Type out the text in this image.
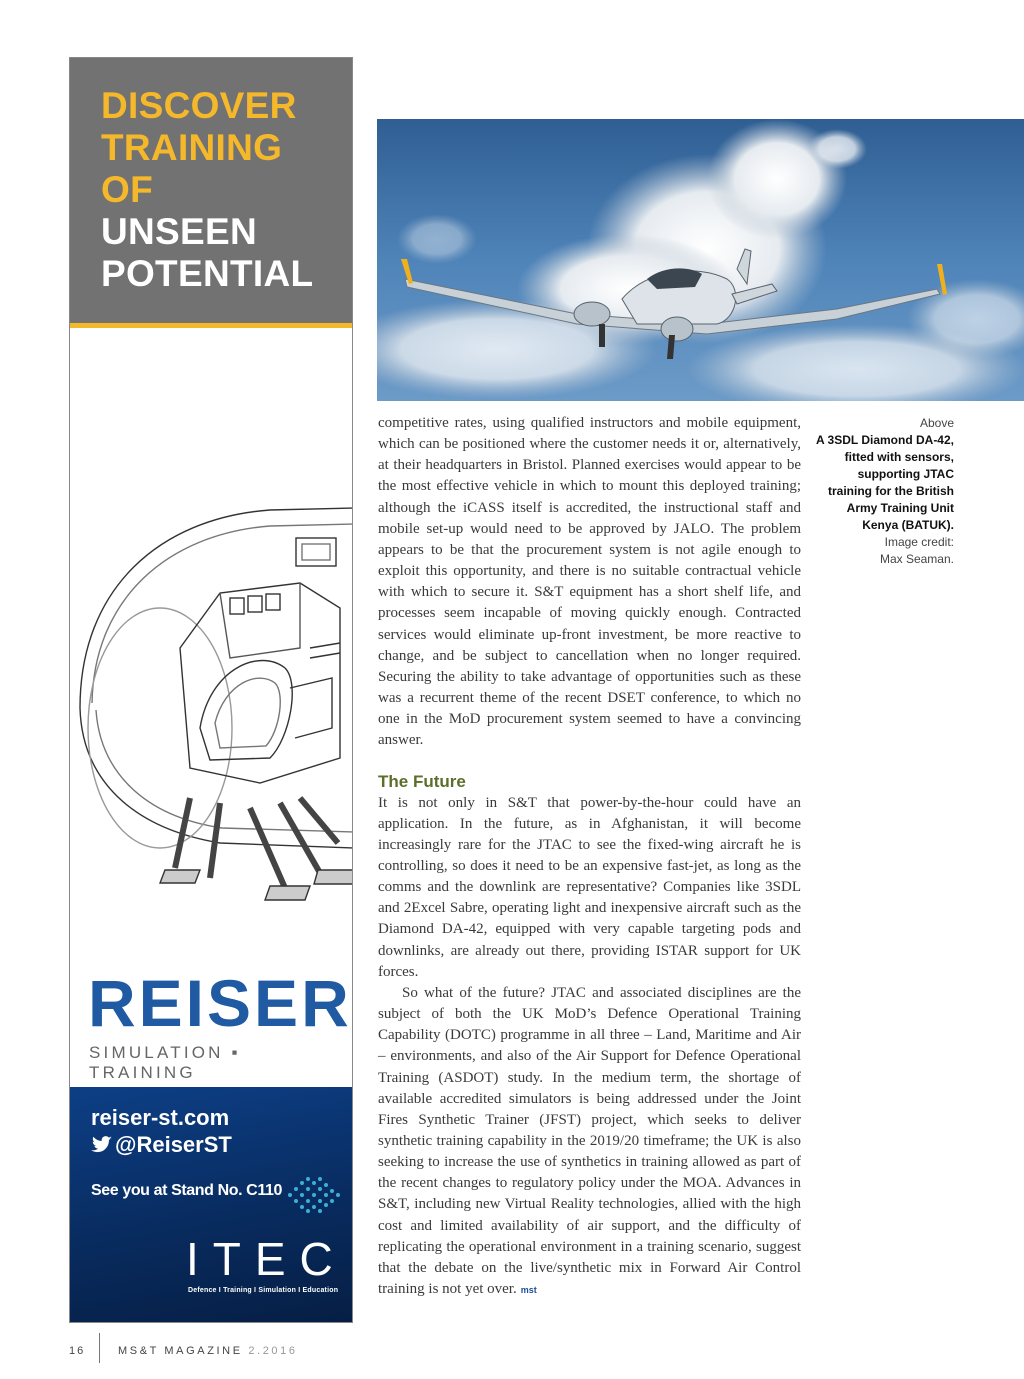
DISCOVER
TRAINING
OF
UNSEEN
POTENTIAL
REISER
SIMULATION ▪ TRAINING
reiser-st.com
@ReiserST
See you at Stand No. C110
ITEC
Defence I Training I Simulation I Education

competitive rates, using qualified instructors and mobile equipment, which can be positioned where the customer needs it or, alternatively, at their headquarters in Bristol. Planned exercises would appear to be the most effective vehicle in which to mount this deployed training; although the iCASS itself is accredited, the instructional staff and mobile set-up would need to be approved by JALO. The problem appears to be that the procurement system is not agile enough to exploit this opportunity, and there is no suitable contractual vehicle with which to secure it. S&T equipment has a short shelf life, and processes seem incapable of moving quickly enough. Contracted services would eliminate up-front investment, be more reactive to change, and be subject to cancellation when no longer required. Securing the ability to take advantage of opportunities such as these was a recurrent theme of the recent DSET conference, to which no one in the MoD procurement system seemed to have a convincing answer.

The Future

It is not only in S&T that power-by-the-hour could have an application. In the future, as in Afghanistan, it will become increasingly rare for the JTAC to see the fixed-wing aircraft he is controlling, so does it need to be an expensive fast-jet, as long as the comms and the downlink are representative? Companies like 3SDL and 2Excel Sabre, operating light and inexpensive aircraft such as the Diamond DA-42, equipped with very capable targeting pods and downlinks, are already out there, providing ISTAR support for UK forces.

So what of the future? JTAC and associated disciplines are the subject of both the UK MoD’s Defence Operational Training Capability (DOTC) programme in all three – Land, Maritime and Air – environments, and also of the Air Support for Defence Operational Training (ASDOT) study. In the medium term, the shortage of available accredited simulators is being addressed under the Joint Fires Synthetic Trainer (JFST) project, which seeks to deliver synthetic training capability in the 2019/20 timeframe; the UK is also seeking to increase the use of synthetics in training allowed as part of the recent changes to regulatory policy under the MOA. Advances in S&T, including new Virtual Reality technologies, allied with the high cost and limited availability of air support, and the difficulty of replicating the operational environment in a training scenario, suggest that the debate on the live/synthetic mix in Forward Air Control training is not yet over. mst

Above
A 3SDL Diamond DA-42, fitted with sensors, supporting JTAC training for the British Army Training Unit Kenya (BATUK).
Image credit:
Max Seaman.
16	MS&T MAGAZINE 2.2016
